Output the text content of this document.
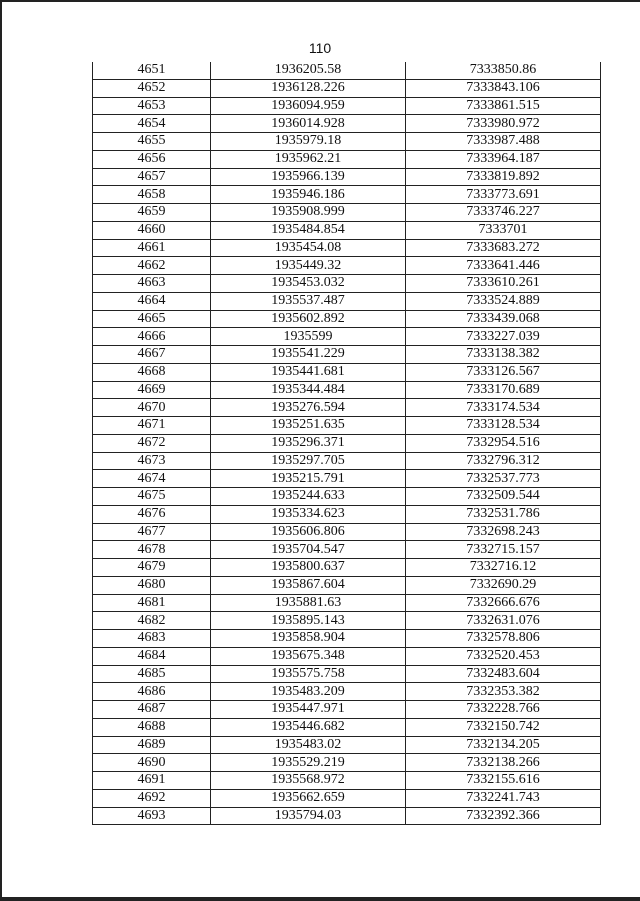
110
4651	1936205.58	7333850.86
4652	1936128.226	7333843.106
4653	1936094.959	7333861.515
4654	1936014.928	7333980.972
4655	1935979.18	7333987.488
4656	1935962.21	7333964.187
4657	1935966.139	7333819.892
4658	1935946.186	7333773.691
4659	1935908.999	7333746.227
4660	1935484.854	7333701
4661	1935454.08	7333683.272
4662	1935449.32	7333641.446
4663	1935453.032	7333610.261
4664	1935537.487	7333524.889
4665	1935602.892	7333439.068
4666	1935599	7333227.039
4667	1935541.229	7333138.382
4668	1935441.681	7333126.567
4669	1935344.484	7333170.689
4670	1935276.594	7333174.534
4671	1935251.635	7333128.534
4672	1935296.371	7332954.516
4673	1935297.705	7332796.312
4674	1935215.791	7332537.773
4675	1935244.633	7332509.544
4676	1935334.623	7332531.786
4677	1935606.806	7332698.243
4678	1935704.547	7332715.157
4679	1935800.637	7332716.12
4680	1935867.604	7332690.29
4681	1935881.63	7332666.676
4682	1935895.143	7332631.076
4683	1935858.904	7332578.806
4684	1935675.348	7332520.453
4685	1935575.758	7332483.604
4686	1935483.209	7332353.382
4687	1935447.971	7332228.766
4688	1935446.682	7332150.742
4689	1935483.02	7332134.205
4690	1935529.219	7332138.266
4691	1935568.972	7332155.616
4692	1935662.659	7332241.743
4693	1935794.03	7332392.366
